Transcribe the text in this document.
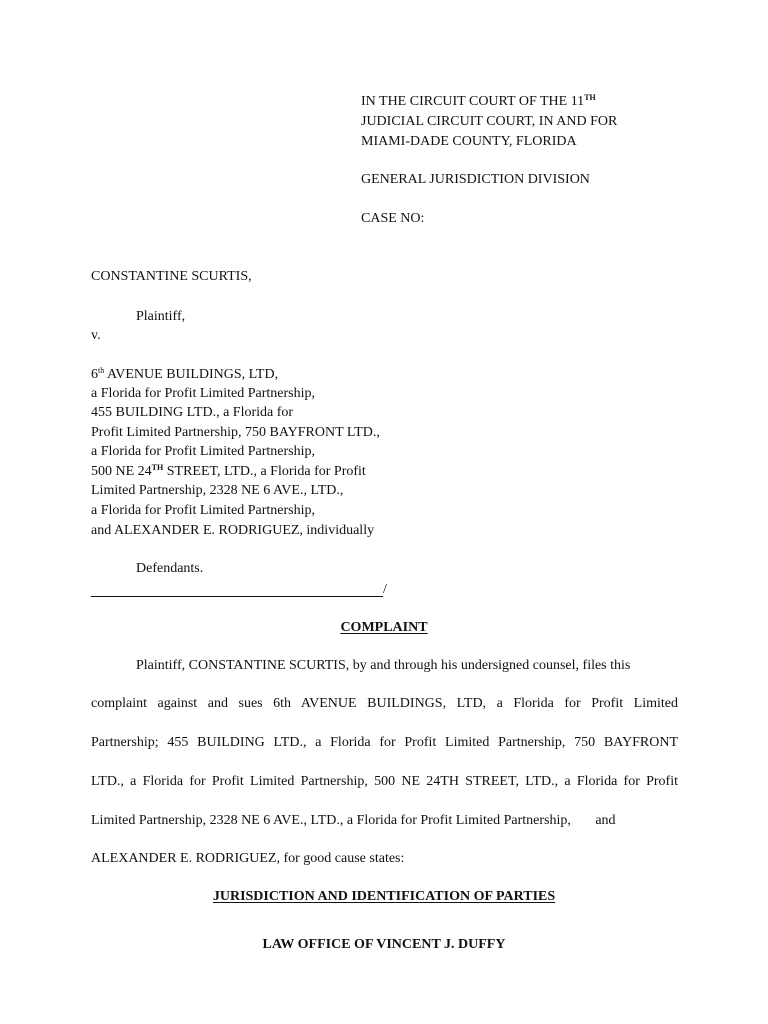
IN THE CIRCUIT COURT OF THE 11TH
JUDICIAL CIRCUIT COURT, IN AND FOR
MIAMI-DADE COUNTY, FLORIDA
GENERAL JURISDICTION DIVISION
CASE NO:
CONSTANTINE SCURTIS,
Plaintiff,
v.
6th AVENUE BUILDINGS, LTD,
a Florida for Profit Limited Partnership,
455 BUILDING LTD., a Florida for
Profit Limited Partnership, 750 BAYFRONT LTD.,
a Florida for Profit Limited Partnership,
500 NE 24TH STREET, LTD., a Florida for Profit
Limited Partnership, 2328 NE 6 AVE., LTD.,
a Florida for Profit Limited Partnership,
and ALEXANDER E. RODRIGUEZ, individually
Defendants.
/
COMPLAINT
Plaintiff, CONSTANTINE SCURTIS, by and through his undersigned counsel, files this
complaint against and sues 6th AVENUE BUILDINGS, LTD, a Florida for Profit Limited
Partnership; 455 BUILDING LTD., a Florida for Profit Limited Partnership, 750 BAYFRONT
LTD., a Florida for Profit Limited Partnership, 500 NE 24TH STREET, LTD., a Florida for Profit
Limited Partnership, 2328 NE 6 AVE., LTD., a Florida for Profit Limited Partnership,       and
ALEXANDER E. RODRIGUEZ, for good cause states:
JURISDICTION AND IDENTIFICATION OF PARTIES
LAW OFFICE OF VINCENT J. DUFFY
